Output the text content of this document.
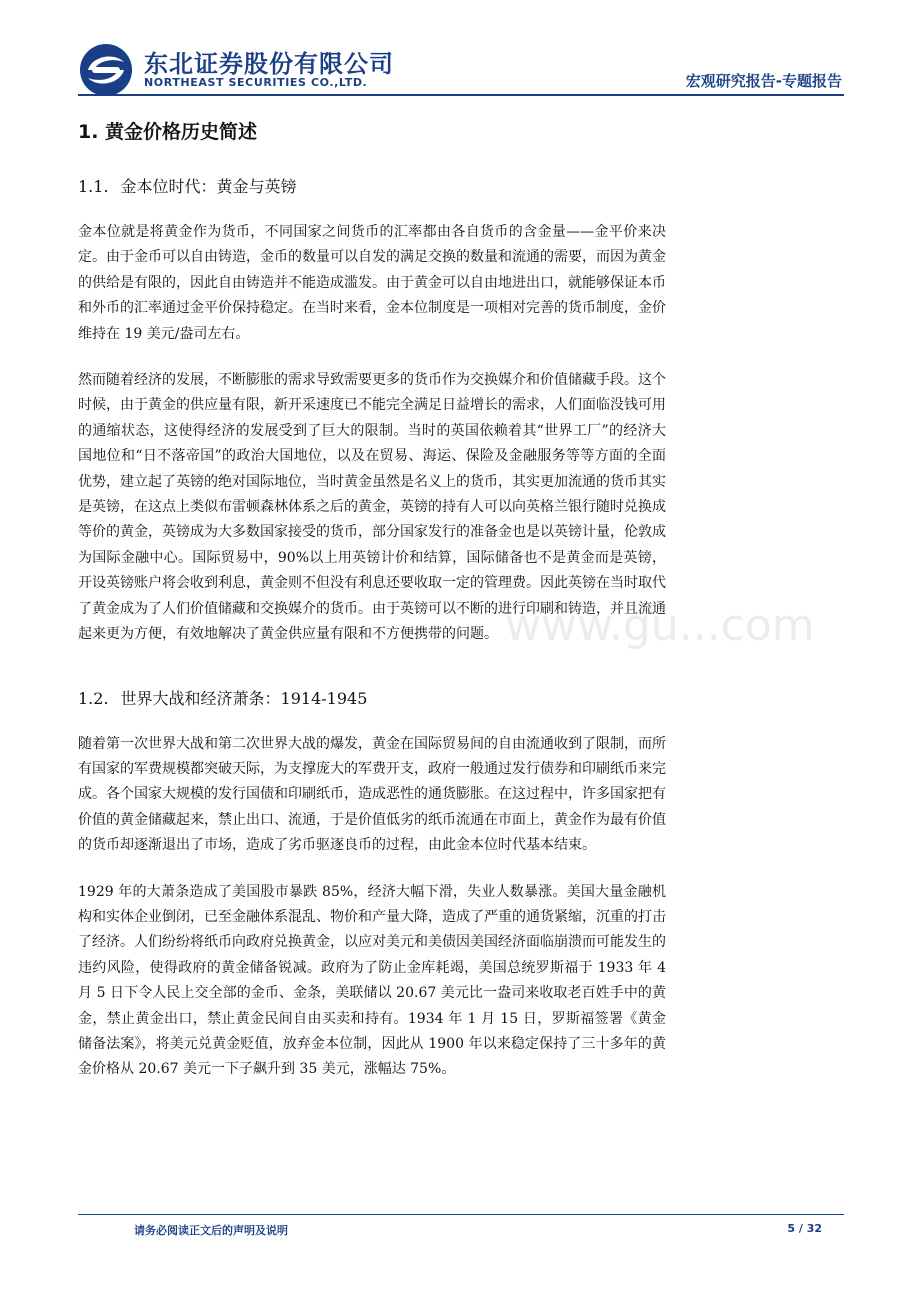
东北证券股份有限公司
NORTHEAST SECURITIES CO.,LTD.	宏观研究报告-专题报告
1. 黄金价格历史简述
1.1. 金本位时代：黄金与英镑

金本位就是将黄金作为货币，不同国家之间货币的汇率都由各自货币的含金量——金平价来决定。由于金币可以自由铸造，金币的数量可以自发的满足交换的数量和流通的需要，而因为黄金的供给是有限的，因此自由铸造并不能造成滥发。由于黄金可以自由地进出口，就能够保证本币和外币的汇率通过金平价保持稳定。在当时来看，金本位制度是一项相对完善的货币制度，金价维持在 19 美元/盎司左右。

然而随着经济的发展，不断膨胀的需求导致需要更多的货币作为交换媒介和价值储藏手段。这个时候，由于黄金的供应量有限，新开采速度已不能完全满足日益增长的需求，人们面临没钱可用的通缩状态，这使得经济的发展受到了巨大的限制。当时的英国依赖着其“世界工厂”的经济大国地位和“日不落帝国”的政治大国地位，以及在贸易、海运、保险及金融服务等等方面的全面优势，建立起了英镑的绝对国际地位，当时黄金虽然是名义上的货币，其实更加流通的货币其实是英镑，在这点上类似布雷顿森林体系之后的黄金，英镑的持有人可以向英格兰银行随时兑换成等价的黄金，英镑成为大多数国家接受的货币，部分国家发行的准备金也是以英镑计量，伦敦成为国际金融中心。国际贸易中，90%以上用英镑计价和结算，国际储备也不是黄金而是英镑，开设英镑账户将会收到利息，黄金则不但没有利息还要收取一定的管理费。因此英镑在当时取代了黄金成为了人们价值储藏和交换媒介的货币。由于英镑可以不断的进行印刷和铸造，并且流通起来更为方便，有效地解决了黄金供应量有限和不方便携带的问题。

1.2. 世界大战和经济萧条：1914-1945

随着第一次世界大战和第二次世界大战的爆发，黄金在国际贸易间的自由流通收到了限制，而所有国家的军费规模都突破天际，为支撑庞大的军费开支，政府一般通过发行债券和印刷纸币来完成。各个国家大规模的发行国债和印刷纸币，造成恶性的通货膨胀。在这过程中，许多国家把有价值的黄金储藏起来，禁止出口、流通，于是价值低劣的纸币流通在市面上，黄金作为最有价值的货币却逐渐退出了市场，造成了劣币驱逐良币的过程，由此金本位时代基本结束。

1929 年的大萧条造成了美国股市暴跌 85%，经济大幅下滑，失业人数暴涨。美国大量金融机构和实体企业倒闭，已至金融体系混乱、物价和产量大降，造成了严重的通货紧缩，沉重的打击了经济。人们纷纷将纸币向政府兑换黄金，以应对美元和美债因美国经济面临崩溃而可能发生的违约风险，使得政府的黄金储备锐减。政府为了防止金库耗竭，美国总统罗斯福于 1933 年 4 月 5 日下令人民上交全部的金币、金条，美联储以 20.67 美元比一盎司来收取老百姓手中的黄金，禁止黄金出口，禁止黄金民间自由买卖和持有。1934 年 1 月 15 日，罗斯福签署《黄金储备法案》，将美元兑黄金贬值，放弃金本位制，因此从 1900 年以来稳定保持了三十多年的黄金价格从 20.67 美元一下子飙升到 35 美元，涨幅达 75%。

www.gu...com
请务必阅读正文后的声明及说明	5 / 32
